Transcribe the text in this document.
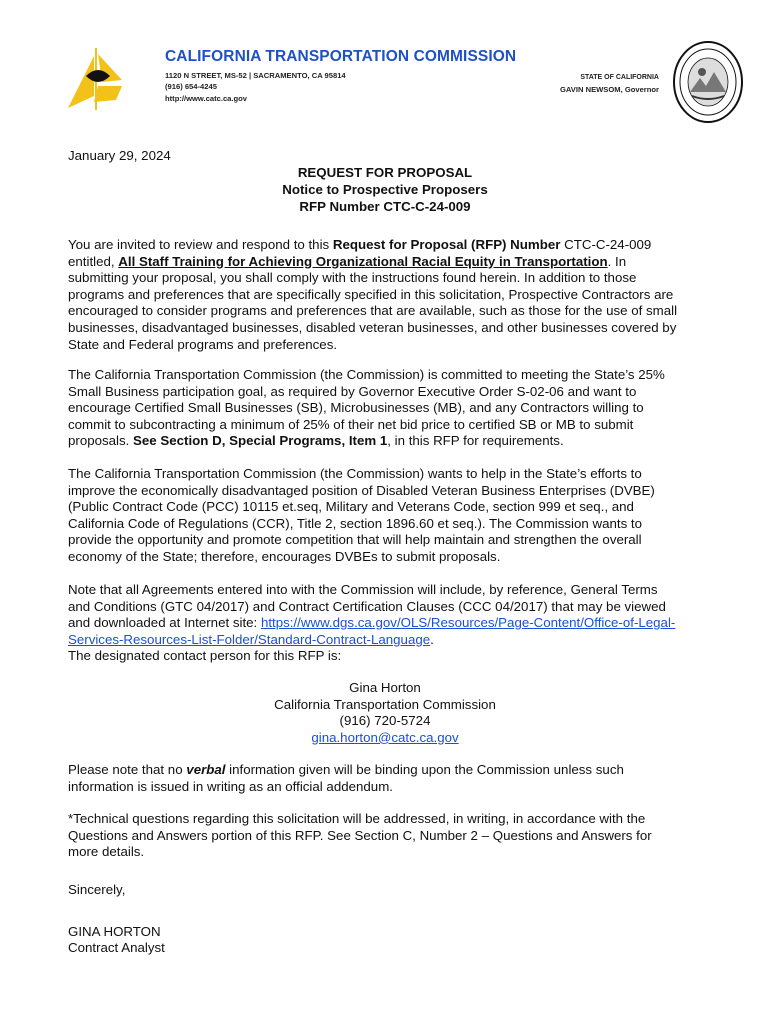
CALIFORNIA TRANSPORTATION COMMISSION
1120 N STREET, MS-52 | SACRAMENTO, CA 95814
(916) 654-4245
http://www.catc.ca.gov
STATE OF CALIFORNIA
GAVIN NEWSOM, Governor
January 29, 2024
REQUEST FOR PROPOSAL
Notice to Prospective Proposers
RFP Number CTC-C-24-009
You are invited to review and respond to this Request for Proposal (RFP) Number CTC-C-24-009
entitled, All Staff Training for Achieving Organizational Racial Equity in Transportation. In
submitting your proposal, you shall comply with the instructions found herein. In addition to those
programs and preferences that are specifically specified in this solicitation, Prospective Contractors are
encouraged to consider programs and preferences that are available, such as those for the use of small
businesses, disadvantaged businesses, disabled veteran businesses, and other businesses covered by
State and Federal programs and preferences.
The California Transportation Commission (the Commission) is committed to meeting the State’s 25%
Small Business participation goal, as required by Governor Executive Order S-02-06 and want to
encourage Certified Small Businesses (SB), Microbusinesses (MB), and any Contractors willing to
commit to subcontracting a minimum of 25% of their net bid price to certified SB or MB to submit
proposals. See Section D, Special Programs, Item 1, in this RFP for requirements.
The California Transportation Commission (the Commission) wants to help in the State’s efforts to
improve the economically disadvantaged position of Disabled Veteran Business Enterprises (DVBE)
(Public Contract Code (PCC) 10115 et.seq, Military and Veterans Code, section 999 et seq., and
California Code of Regulations (CCR), Title 2, section 1896.60 et seq.). The Commission wants to
provide the opportunity and promote competition that will help maintain and strengthen the overall
economy of the State; therefore, encourages DVBEs to submit proposals.
Note that all Agreements entered into with the Commission will include, by reference, General Terms
and Conditions (GTC 04/2017) and Contract Certification Clauses (CCC 04/2017) that may be viewed
and downloaded at Internet site: https://www.dgs.ca.gov/OLS/Resources/Page-Content/Office-of-Legal-
Services-Resources-List-Folder/Standard-Contract-Language.
The designated contact person for this RFP is:
Gina Horton
California Transportation Commission
(916) 720-5724
gina.horton@catc.ca.gov
Please note that no verbal information given will be binding upon the Commission unless such
information is issued in writing as an official addendum.
*Technical questions regarding this solicitation will be addressed, in writing, in accordance with the
Questions and Answers portion of this RFP. See Section C, Number 2 – Questions and Answers for
more details.
Sincerely,
GINA HORTON
Contract Analyst
